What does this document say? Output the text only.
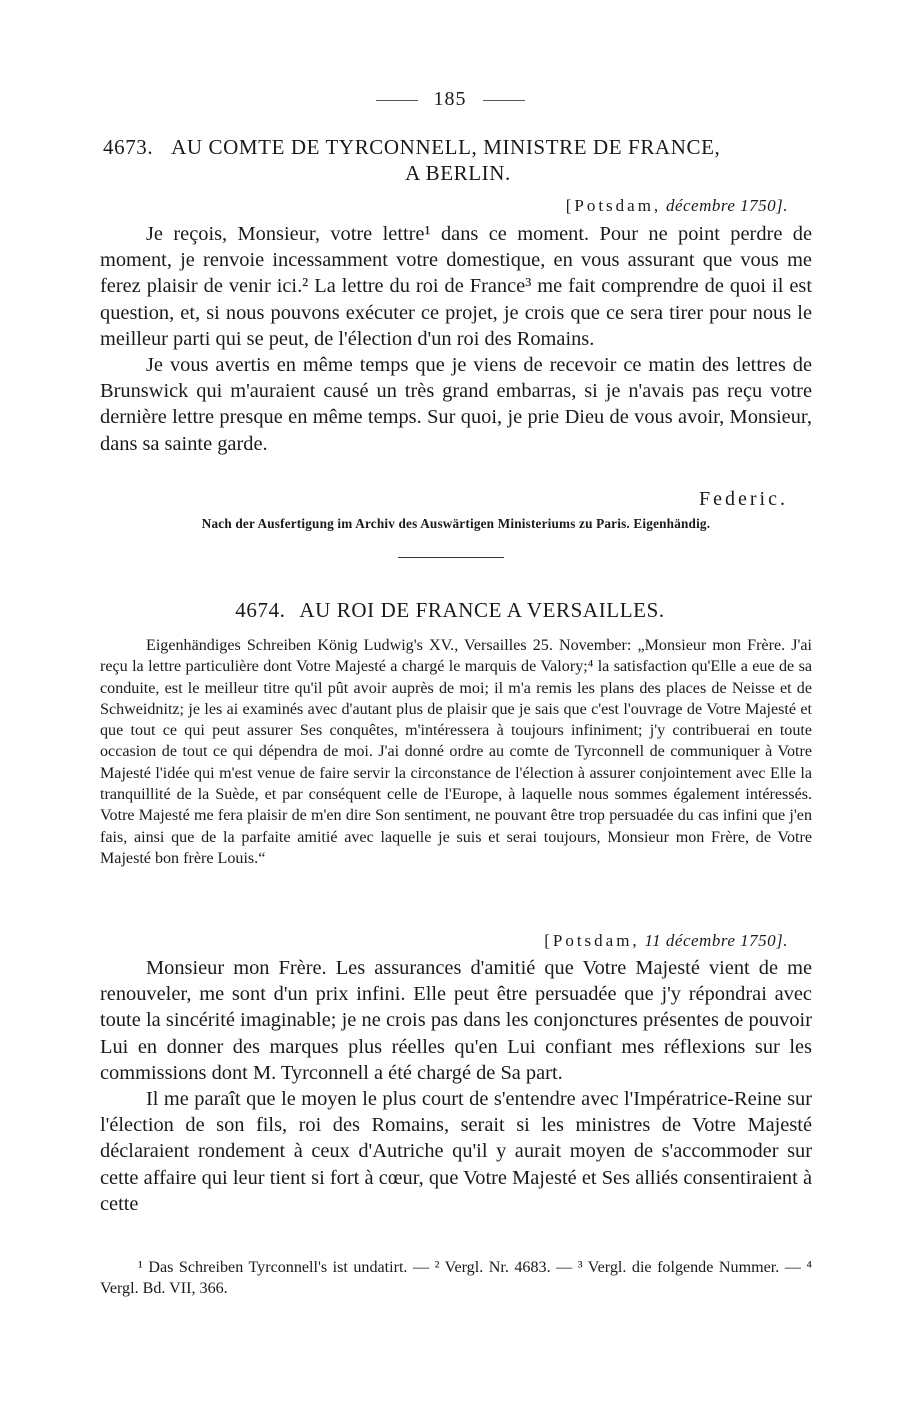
185
4673. AU COMTE DE TYRCONNELL, MINISTRE DE FRANCE,
A BERLIN.
[Potsdam, décembre 1750].

Je reçois, Monsieur, votre lettre¹ dans ce moment. Pour ne point perdre de moment, je renvoie incessamment votre domestique, en vous assurant que vous me ferez plaisir de venir ici.² La lettre du roi de France³ me fait comprendre de quoi il est question, et, si nous pouvons exécuter ce projet, je crois que ce sera tirer pour nous le meilleur parti qui se peut, de l'élection d'un roi des Romains.

Je vous avertis en même temps que je viens de recevoir ce matin des lettres de Brunswick qui m'auraient causé un très grand embarras, si je n'avais pas reçu votre dernière lettre presque en même temps. Sur quoi, je prie Dieu de vous avoir, Monsieur, dans sa sainte garde.

Federic.
Nach der Ausfertigung im Archiv des Auswärtigen Ministeriums zu Paris. Eigenhändig.
4674. AU ROI DE FRANCE A VERSAILLES.

Eigenhändiges Schreiben König Ludwig's XV., Versailles 25. November: „Monsieur mon Frère. J'ai reçu la lettre particulière dont Votre Majesté a chargé le marquis de Valory;⁴ la satisfaction qu'Elle a eue de sa conduite, est le meilleur titre qu'il pût avoir auprès de moi; il m'a remis les plans des places de Neisse et de Schweidnitz; je les ai examinés avec d'autant plus de plaisir que je sais que c'est l'ouvrage de Votre Majesté et que tout ce qui peut assurer Ses conquêtes, m'intéressera à toujours infiniment; j'y contribuerai en toute occasion de tout ce qui dépendra de moi. J'ai donné ordre au comte de Tyrconnell de communiquer à Votre Majesté l'idée qui m'est venue de faire servir la circonstance de l'élection à assurer conjointement avec Elle la tranquillité de la Suède, et par conséquent celle de l'Europe, à laquelle nous sommes également intéressés. Votre Majesté me fera plaisir de m'en dire Son sentiment, ne pouvant être trop persuadée du cas infini que j'en fais, ainsi que de la parfaite amitié avec laquelle je suis et serai toujours, Monsieur mon Frère, de Votre Majesté bon frère Louis.“

[Potsdam, 11 décembre 1750].

Monsieur mon Frère. Les assurances d'amitié que Votre Majesté vient de me renouveler, me sont d'un prix infini. Elle peut être persuadée que j'y répondrai avec toute la sincérité imaginable; je ne crois pas dans les conjonctures présentes de pouvoir Lui en donner des marques plus réelles qu'en Lui confiant mes réflexions sur les commissions dont M. Tyrconnell a été chargé de Sa part.

Il me paraît que le moyen le plus court de s'entendre avec l'Impératrice-Reine sur l'élection de son fils, roi des Romains, serait si les ministres de Votre Majesté déclaraient rondement à ceux d'Autriche qu'il y aurait moyen de s'accommoder sur cette affaire qui leur tient si fort à cœur, que Votre Majesté et Ses alliés consentiraient à cette

¹ Das Schreiben Tyrconnell's ist undatirt. — ² Vergl. Nr. 4683. — ³ Vergl. die folgende Nummer. — ⁴ Vergl. Bd. VII, 366.
